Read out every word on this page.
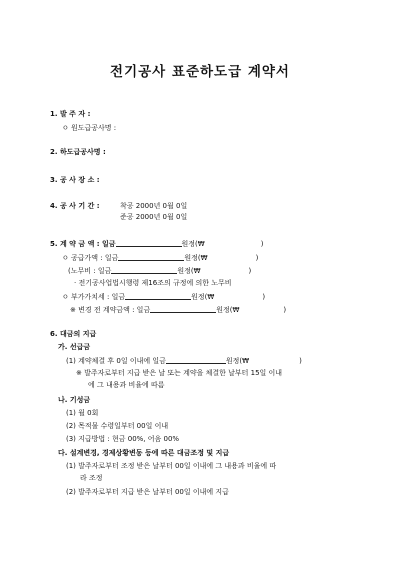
전기공사 표준하도급 계약서
1. 발 주 자 :
ㅇ 원도급공사명 :
2. 하도급공사명 :
3. 공 사 장 소 :
4. 공 사 기 간 :	착공 2000년 0월 0일
준공 2000년 0월 0일
5. 계 약 금 액 : 일금	원정(₩	)
ㅇ 공급가액 : 일금	원정(₩	)
(노무비 : 일금	원정(₩	)
· 전기공사업법시행령 제16조의 규정에 의한 노무비
ㅇ 부가가치세 : 일금	원정(₩	)
※ 변경 전 계약금액 : 일금	원정(₩	)
6. 대금의 지급
가. 선급금
(1) 계약체결 후 0일 이내에 일금	원정(₩	)
※ 발주자로부터 지급 받은 날 또는 계약을 체결한 날부터 15일 이내
에 그 내용과 비율에 따름
나. 기성금
(1) 월 0회
(2) 목적물 수령일부터 00일 이내
(3) 지급방법 : 현금 00%, 어음 00%
다. 설계변경, 경제상황변동 등에 따른 대금조정 및 지급
(1) 발주자로부터 조정 받은 날부터 00일 이내에 그 내용과 비율에 따
라 조정
(2) 발주자로부터 지급 받은 날부터 00일 이내에 지급
